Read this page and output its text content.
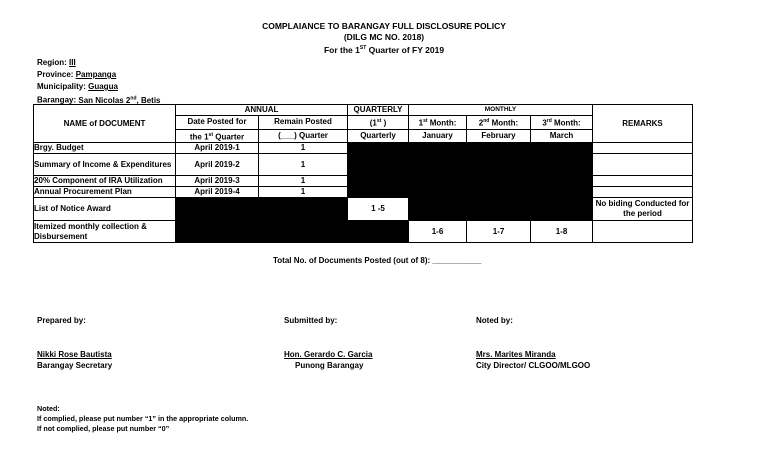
COMPLAIANCE TO BARANGAY FULL DISCLOSURE POLICY
(DILG MC NO. 2018)
For the 1ST Quarter of FY 2019
Region: III
Province: Pampanga
Municipality: Guagua
Barangay: San Nicolas 2nd, Betis
NAME of DOCUMENT	ANNUAL		QUARTERLY	MONTHLY			REMARKS
	Date Posted for	Remain Posted	(1st )	1st Month:	2nd Month:	3rd Month:	
	the 1st Quarter	(___) Quarter	Quarterly	January	February	March	
Brgy. Budget	April 2019-1	1					
Summary of Income & Expenditures	April 2019-2	1					
20% Component of IRA Utilization	April 2019-3	1					
Annual Procurement Plan	April 2019-4	1					
List of Notice Award			1 -5				No biding Conducted for the period
Itemized monthly collection & Disbursement				1-6	1-7	1-8	
Total No. of Documents Posted (out of 8): ___________
Prepared by:
Nikki Rose Bautista
Barangay Secretary
Submitted by:
Hon. Gerardo C. Garcia
Punong Barangay
Noted by:
Mrs. Marites Miranda
City Director/ CLGOO/MLGOO
Noted:
If complied, please put number “1” in the appropriate column.
If not complied, please put number “0”
